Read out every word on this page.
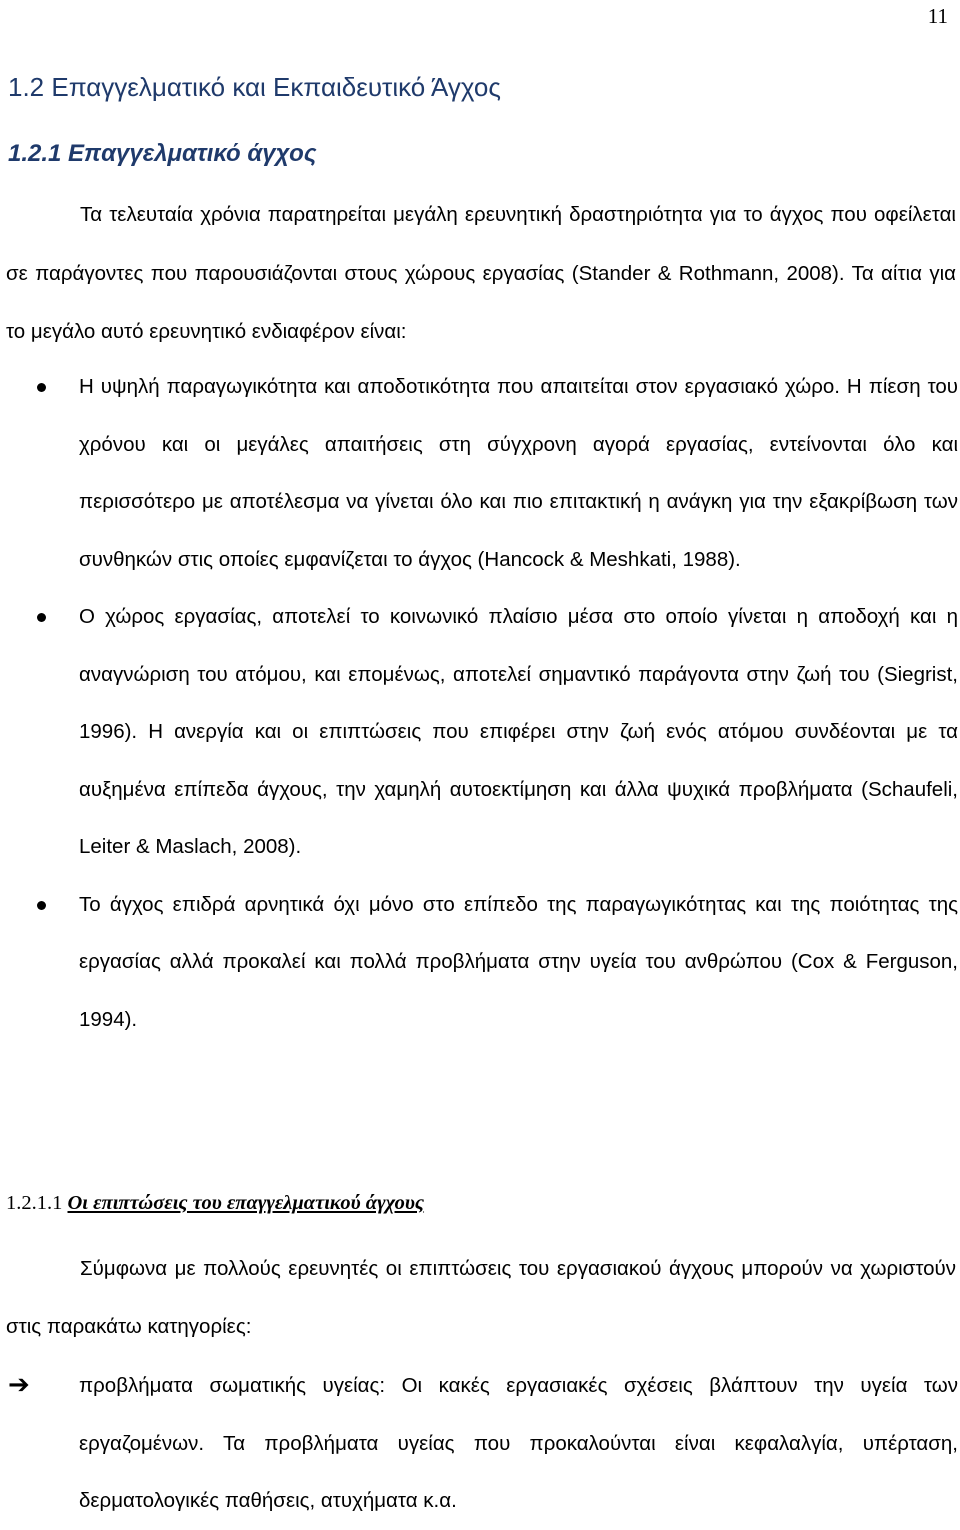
11
1.2 Επαγγελματικό και Εκπαιδευτικό Άγχος
1.2.1 Επαγγελματικό άγχος

Τα τελευταία χρόνια παρατηρείται μεγάλη ερευνητική δραστηριότητα για το άγχος που οφείλεται σε παράγοντες που παρουσιάζονται στους χώρους εργασίας (Stander & Rothmann, 2008). Τα αίτια για το μεγάλο αυτό ερευνητικό ενδιαφέρον είναι:

Η υψηλή παραγωγικότητα και αποδοτικότητα που απαιτείται στον εργασιακό χώρο. Η πίεση του χρόνου και οι μεγάλες απαιτήσεις στη σύγχρονη αγορά εργασίας, εντείνονται όλο και περισσότερο με αποτέλεσμα να γίνεται όλο και πιο επιτακτική η ανάγκη για την εξακρίβωση των συνθηκών στις οποίες εμφανίζεται το άγχος (Hancock & Meshkati, 1988).
Ο χώρος εργασίας, αποτελεί το κοινωνικό πλαίσιο μέσα στο οποίο γίνεται η αποδοχή και η αναγνώριση του ατόμου, και επομένως, αποτελεί σημαντικό παράγοντα στην ζωή του (Siegrist, 1996). Η ανεργία και οι επιπτώσεις που επιφέρει στην ζωή ενός ατόμου συνδέονται με τα αυξημένα επίπεδα άγχους, την χαμηλή αυτοεκτίμηση και άλλα ψυχικά προβλήματα (Schaufeli, Leiter & Maslach, 2008).
Το άγχος επιδρά αρνητικά όχι μόνο στο επίπεδο της παραγωγικότητας και της ποιότητας της εργασίας αλλά προκαλεί και πολλά προβλήματα στην υγεία του ανθρώπου (Cox & Ferguson, 1994).
1.2.1.1 Οι επιπτώσεις του επαγγελματικού άγχους

Σύμφωνα με πολλούς ερευνητές οι επιπτώσεις του εργασιακού άγχους μπορούν να χωριστούν στις παρακάτω κατηγορίες:

➔ προβλήματα σωματικής υγείας: Οι κακές εργασιακές σχέσεις βλάπτουν την υγεία των εργαζομένων. Τα προβλήματα υγείας που προκαλούνται είναι κεφαλαλγία, υπέρταση, δερματολογικές παθήσεις, ατυχήματα κ.α.
